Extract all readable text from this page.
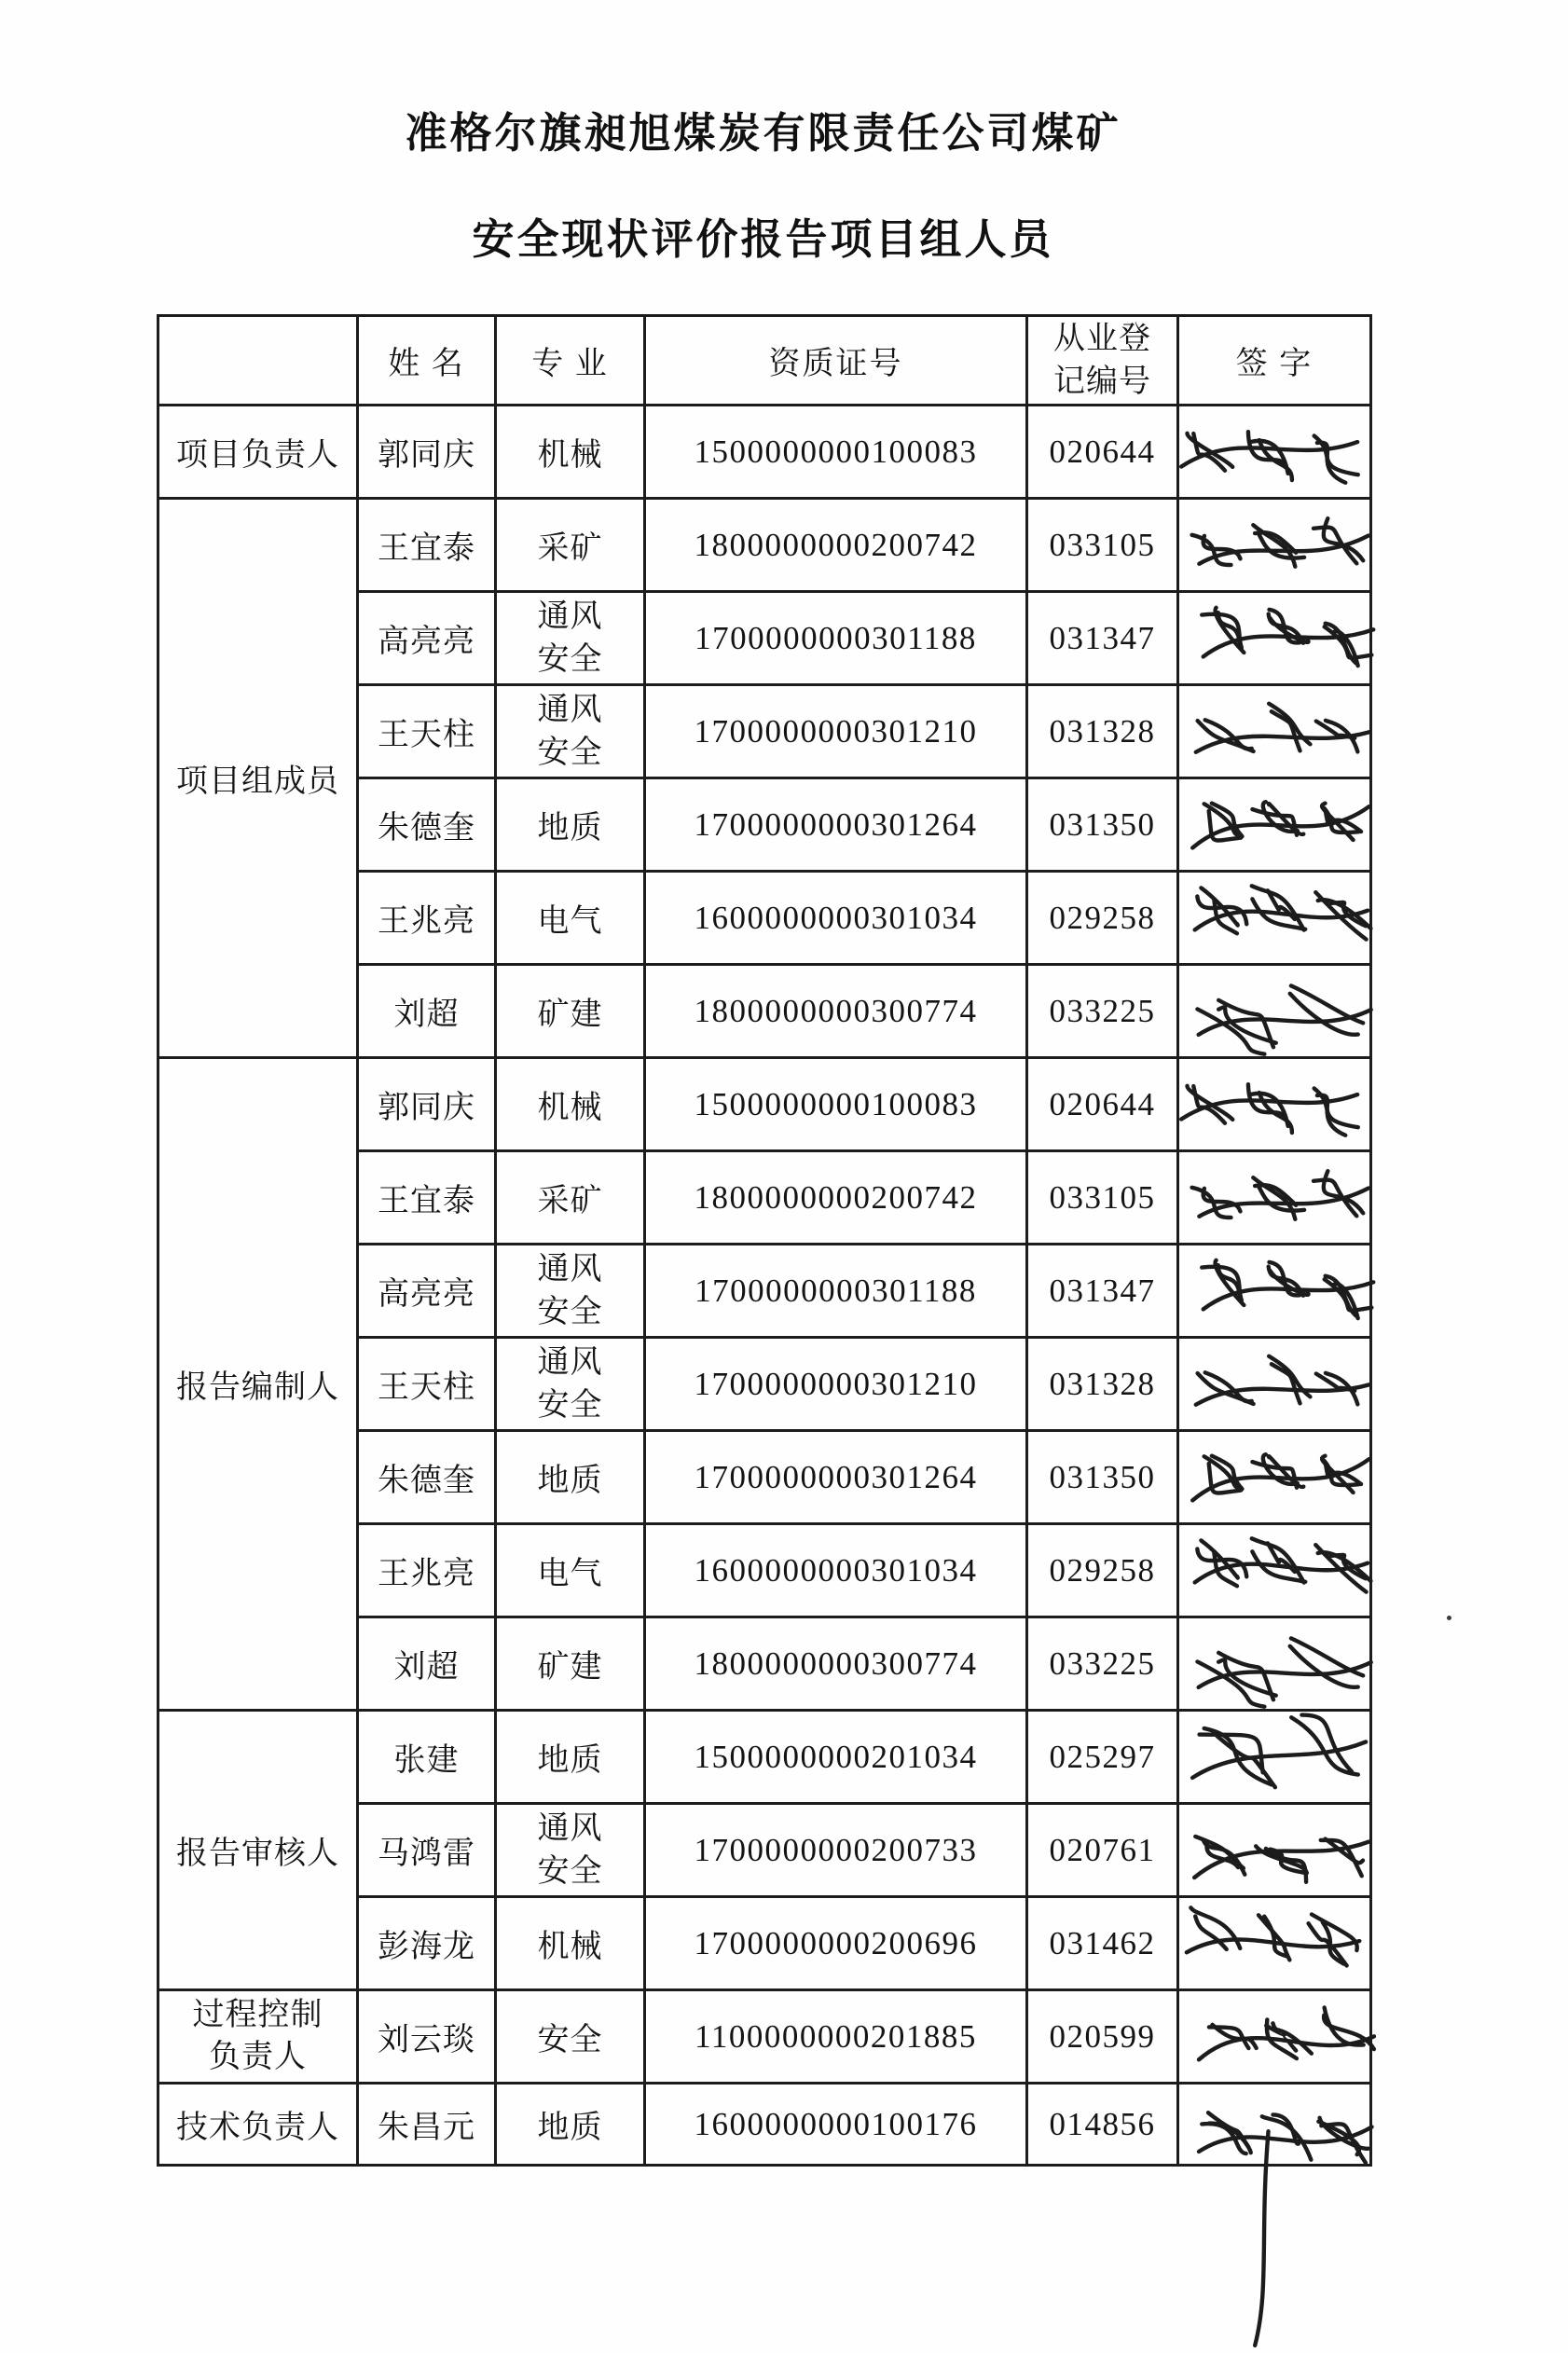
准格尔旗昶旭煤炭有限责任公司煤矿
安全现状评价报告项目组人员
	姓 名	专 业	资质证号	从业登记编号	签 字
项目负责人	郭同庆	机械	1500000000100083	020644	

项目组成员	王宜泰	采矿	1800000000200742	033105	

	高亮亮	通风安全	1700000000301188	031347	

	王天柱	通风安全	1700000000301210	031328	

	朱德奎	地质	1700000000301264	031350	

	王兆亮	电气	1600000000301034	029258	

	刘超	矿建	1800000000300774	033225	

报告编制人	郭同庆	机械	1500000000100083	020644	

	王宜泰	采矿	1800000000200742	033105	

	高亮亮	通风安全	1700000000301188	031347	

	王天柱	通风安全	1700000000301210	031328	

	朱德奎	地质	1700000000301264	031350	

	王兆亮	电气	1600000000301034	029258	

	刘超	矿建	1800000000300774	033225	

报告审核人	张建	地质	1500000000201034	025297	

	马鸿雷	通风安全	1700000000200733	020761	

	彭海龙	机械	1700000000200696	031462	

过程控制负责人	刘云琰	安全	1100000000201885	020599	

技术负责人	朱昌元	地质	1600000000100176	014856	
